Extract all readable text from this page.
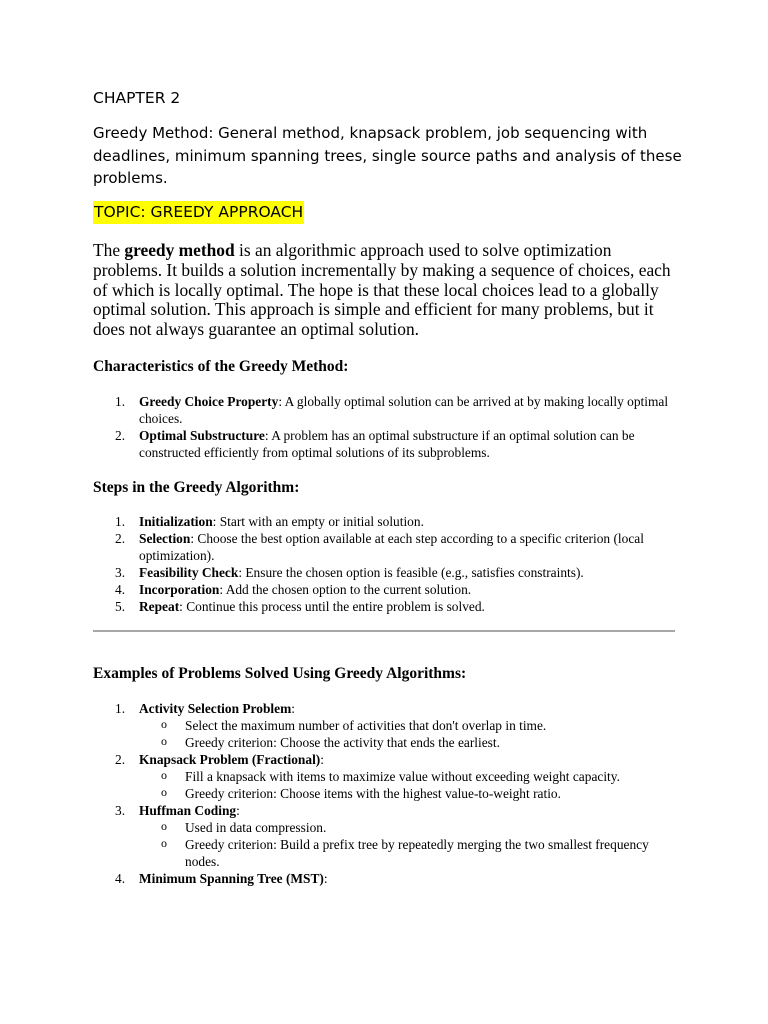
CHAPTER 2

Greedy Method: General method, knapsack problem, job sequencing with deadlines, minimum spanning trees, single source paths and analysis of these problems.

TOPIC: GREEDY APPROACH

The greedy method is an algorithmic approach used to solve optimization problems. It builds a solution incrementally by making a sequence of choices, each of which is locally optimal. The hope is that these local choices lead to a globally optimal solution. This approach is simple and efficient for many problems, but it does not always guarantee an optimal solution.

Characteristics of the Greedy Method:
1. Greedy Choice Property: A globally optimal solution can be arrived at by making locally optimal choices.
2. Optimal Substructure: A problem has an optimal substructure if an optimal solution can be constructed efficiently from optimal solutions of its subproblems.
Steps in the Greedy Algorithm:
1. Initialization: Start with an empty or initial solution.
2. Selection: Choose the best option available at each step according to a specific criterion (local optimization).
3. Feasibility Check: Ensure the chosen option is feasible (e.g., satisfies constraints).
4. Incorporation: Add the chosen option to the current solution.
5. Repeat: Continue this process until the entire problem is solved.
Examples of Problems Solved Using Greedy Algorithms:
1. Activity Selection Problem:
o Select the maximum number of activities that don't overlap in time.
o Greedy criterion: Choose the activity that ends the earliest.
2. Knapsack Problem (Fractional):
o Fill a knapsack with items to maximize value without exceeding weight capacity.
o Greedy criterion: Choose items with the highest value-to-weight ratio.
3. Huffman Coding:
o Used in data compression.
o Greedy criterion: Build a prefix tree by repeatedly merging the two smallest frequency nodes.
4. Minimum Spanning Tree (MST):
